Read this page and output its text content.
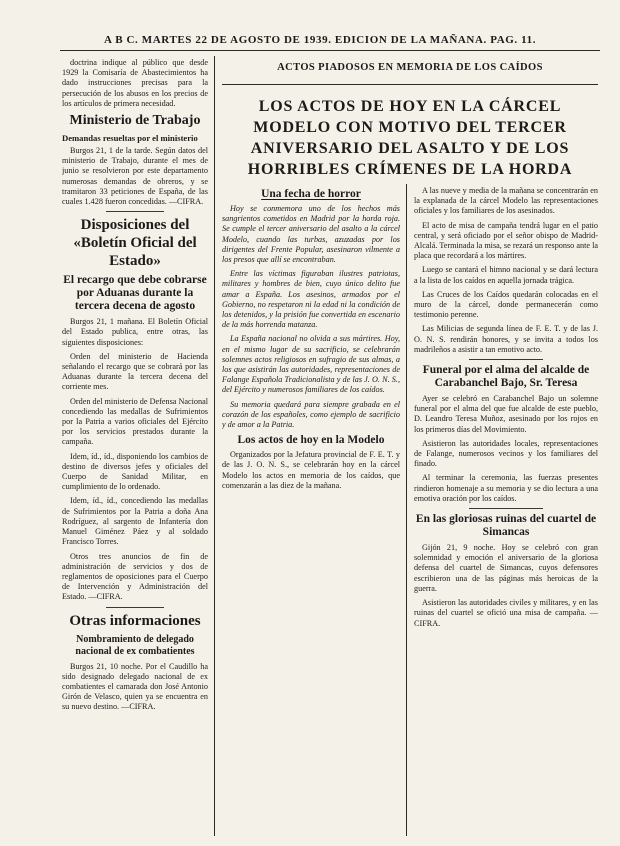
A B C. MARTES 22 DE AGOSTO DE 1939. EDICION DE LA MAÑANA. PAG. 11.

doctrina indique al público que desde 1929 la Comisaría de Abastecimientos ha dado instrucciones precisas para la persecución de los abusos en los precios de los artículos de primera necesidad.

Ministerio de Trabajo
Demandas resueltas por el ministerio

Burgos 21, 1 de la tarde. Según datos del ministerio de Trabajo, durante el mes de junio se resolvieron por este departamento numerosas demandas de obreros, y se tramitaron 33 peticiones de España, de las cuales 1.428 fueron concedidas. —CIFRA.

Disposiciones del «Boletín Oficial del Estado»
El recargo que debe cobrarse por Aduanas durante la tercera decena de agosto

Burgos 21, 1 mañana. El Boletín Oficial del Estado publica, entre otras, las siguientes disposiciones:

Orden del ministerio de Hacienda señalando el recargo que se cobrará por las Aduanas durante la tercera decena del corriente mes.

Orden del ministerio de Defensa Nacional concediendo las medallas de Sufrimientos por la Patria a varios oficiales del Ejército por los servicios prestados durante la campaña.

Idem, íd., íd., disponiendo los cambios de destino de diversos jefes y oficiales del Cuerpo de Sanidad Militar, en cumplimiento de lo ordenado.

Idem, íd., íd., concediendo las medallas de Sufrimientos por la Patria a doña Ana Rodríguez, al sargento de Infantería don Manuel Giménez Páez y al soldado Francisco Torres.

Otros tres anuncios de fin de administración de servicios y dos de reglamentos de oposiciones para el Cuerpo de Intervención y Administración del Estado. —CIFRA.

Otras informaciones
Nombramiento de delegado nacional de ex combatientes

Burgos 21, 10 noche. Por el Caudillo ha sido designado delegado nacional de ex combatientes el camarada don José Antonio Girón de Velasco, quien ya se encuentra en su nuevo destino. —CIFRA.

ACTOS PIADOSOS EN MEMORIA DE LOS CAÍDOS
LOS ACTOS DE HOY EN LA CÁRCEL MODELO CON MOTIVO DEL TERCER ANIVERSARIO DEL ASALTO Y DE LOS HORRIBLES CRÍMENES DE LA HORDA
Una fecha de horror

Hoy se conmemora uno de los hechos más sangrientos cometidos en Madrid por la horda roja. Se cumple el tercer aniversario del asalto a la cárcel Modelo, cuando las turbas, azuzadas por los dirigentes del Frente Popular, asesinaron vilmente a los presos que allí se encontraban.

Entre las víctimas figuraban ilustres patriotas, militares y hombres de bien, cuyo único delito fue amar a España. Los asesinos, armados por el Gobierno, no respetaron ni la edad ni la condición de los detenidos, y la prisión fue convertida en escenario de la más horrenda matanza.

La España nacional no olvida a sus mártires. Hoy, en el mismo lugar de su sacrificio, se celebrarán solemnes actos religiosos en sufragio de sus almas, a los que asistirán las autoridades, representaciones de Falange Española Tradicionalista y de las J. O. N. S., del Ejército y numerosos familiares de los caídos.

Su memoria quedará para siempre grabada en el corazón de los españoles, como ejemplo de sacrificio y de amor a la Patria.

Los actos de hoy en la Modelo

Organizados por la Jefatura provincial de F. E. T. y de las J. O. N. S., se celebrarán hoy en la cárcel Modelo los actos en memoria de los caídos, que comenzarán a las diez de la mañana.

A las nueve y media de la mañana se concentrarán en la explanada de la cárcel Modelo las representaciones oficiales y los familiares de los asesinados.

El acto de misa de campaña tendrá lugar en el patio central, y será oficiado por el señor obispo de Madrid-Alcalá. Terminada la misa, se rezará un responso ante la placa que recordará a los mártires.

Luego se cantará el himno nacional y se dará lectura a la lista de los caídos en aquella jornada trágica.

Las Cruces de los Caídos quedarán colocadas en el muro de la cárcel, donde permanecerán como testimonio perenne.

Las Milicias de segunda línea de F. E. T. y de las J. O. N. S. rendirán honores, y se invita a todos los madrileños a asistir a tan emotivo acto.

Funeral por el alma del alcalde de Carabanchel Bajo, Sr. Teresa

Ayer se celebró en Carabanchel Bajo un solemne funeral por el alma del que fue alcalde de este pueblo, D. Leandro Teresa Muñoz, asesinado por los rojos en los primeros días del Movimiento.

Asistieron las autoridades locales, representaciones de Falange, numerosos vecinos y los familiares del finado.

Al terminar la ceremonia, las fuerzas presentes rindieron homenaje a su memoria y se dio lectura a una emotiva oración por los caídos.

En las gloriosas ruinas del cuartel de Simancas

Gijón 21, 9 noche. Hoy se celebró con gran solemnidad y emoción el aniversario de la gloriosa defensa del cuartel de Simancas, cuyos defensores escribieron una de las páginas más heroicas de la guerra.

Asistieron las autoridades civiles y militares, y en las ruinas del cuartel se ofició una misa de campaña. —CIFRA.
